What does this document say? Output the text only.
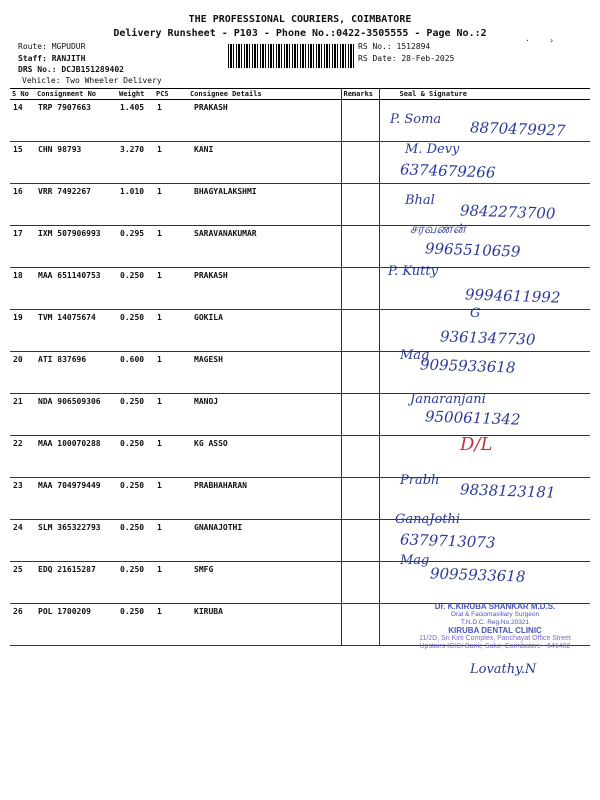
THE PROFESSIONAL COURIERS, COIMBATORE
Delivery Runsheet - P103 - Phone No.:0422-3505555 - Page No.:2
Route: MGPUDUR
Staff: RANJITH
DRS No.: DCJB151289402
Vehicle: Two Wheeler Delivery
·    ›
RS No.: 1512894
RS Date: 28-Feb-2025
S No	Consignment No	Weight	PCS	Consignee Details	Remarks	Seal & Signature
14	TRP 7907663	1.405	1	PRAKASH		
15	CHN 98793	3.270	1	KANI		
16	VRR 7492267	1.010	1	BHAGYALAKSHMI		
17	IXM 507906993	0.295	1	SARAVANAKUMAR		
18	MAA 651140753	0.250	1	PRAKASH		
19	TVM 14075674	0.250	1	GOKILA		
20	ATI 837696	0.600	1	MAGESH		
21	NDA 906509306	0.250	1	MANOJ		
22	MAA 100070288	0.250	1	KG ASSO		
23	MAA 704979449	0.250	1	PRABHAHARAN		
24	SLM 365322793	0.250	1	GNANAJOTHI		
25	EDQ 21615287	0.250	1	SMFG		
26	POL 1700209	0.250	1	KIRUBA		
P. Soma 8870479927
M. Devy
6374679266
Bhal
9842273700
சரவணன்
9965510659
P. Kutty
9994611992
G
9361347730
Mag
9095933618
Janaranjani
9500611342
D/L
Prabh 9838123181
GanaJothi
6379713073
Mag
9095933618
Lovathy.N
Dr. K.KIRUBA SHANKAR M.D.S.
Oral & Faciomaxillary Surgeon
T.N.D.C. Reg.No.20321
KIRUBA DENTAL CLINIC
11/2D, Sri Kirti Complex, Panchayat Office Street
Upstairs ICICI Bank, Sulur, Coimbatore - 641402
